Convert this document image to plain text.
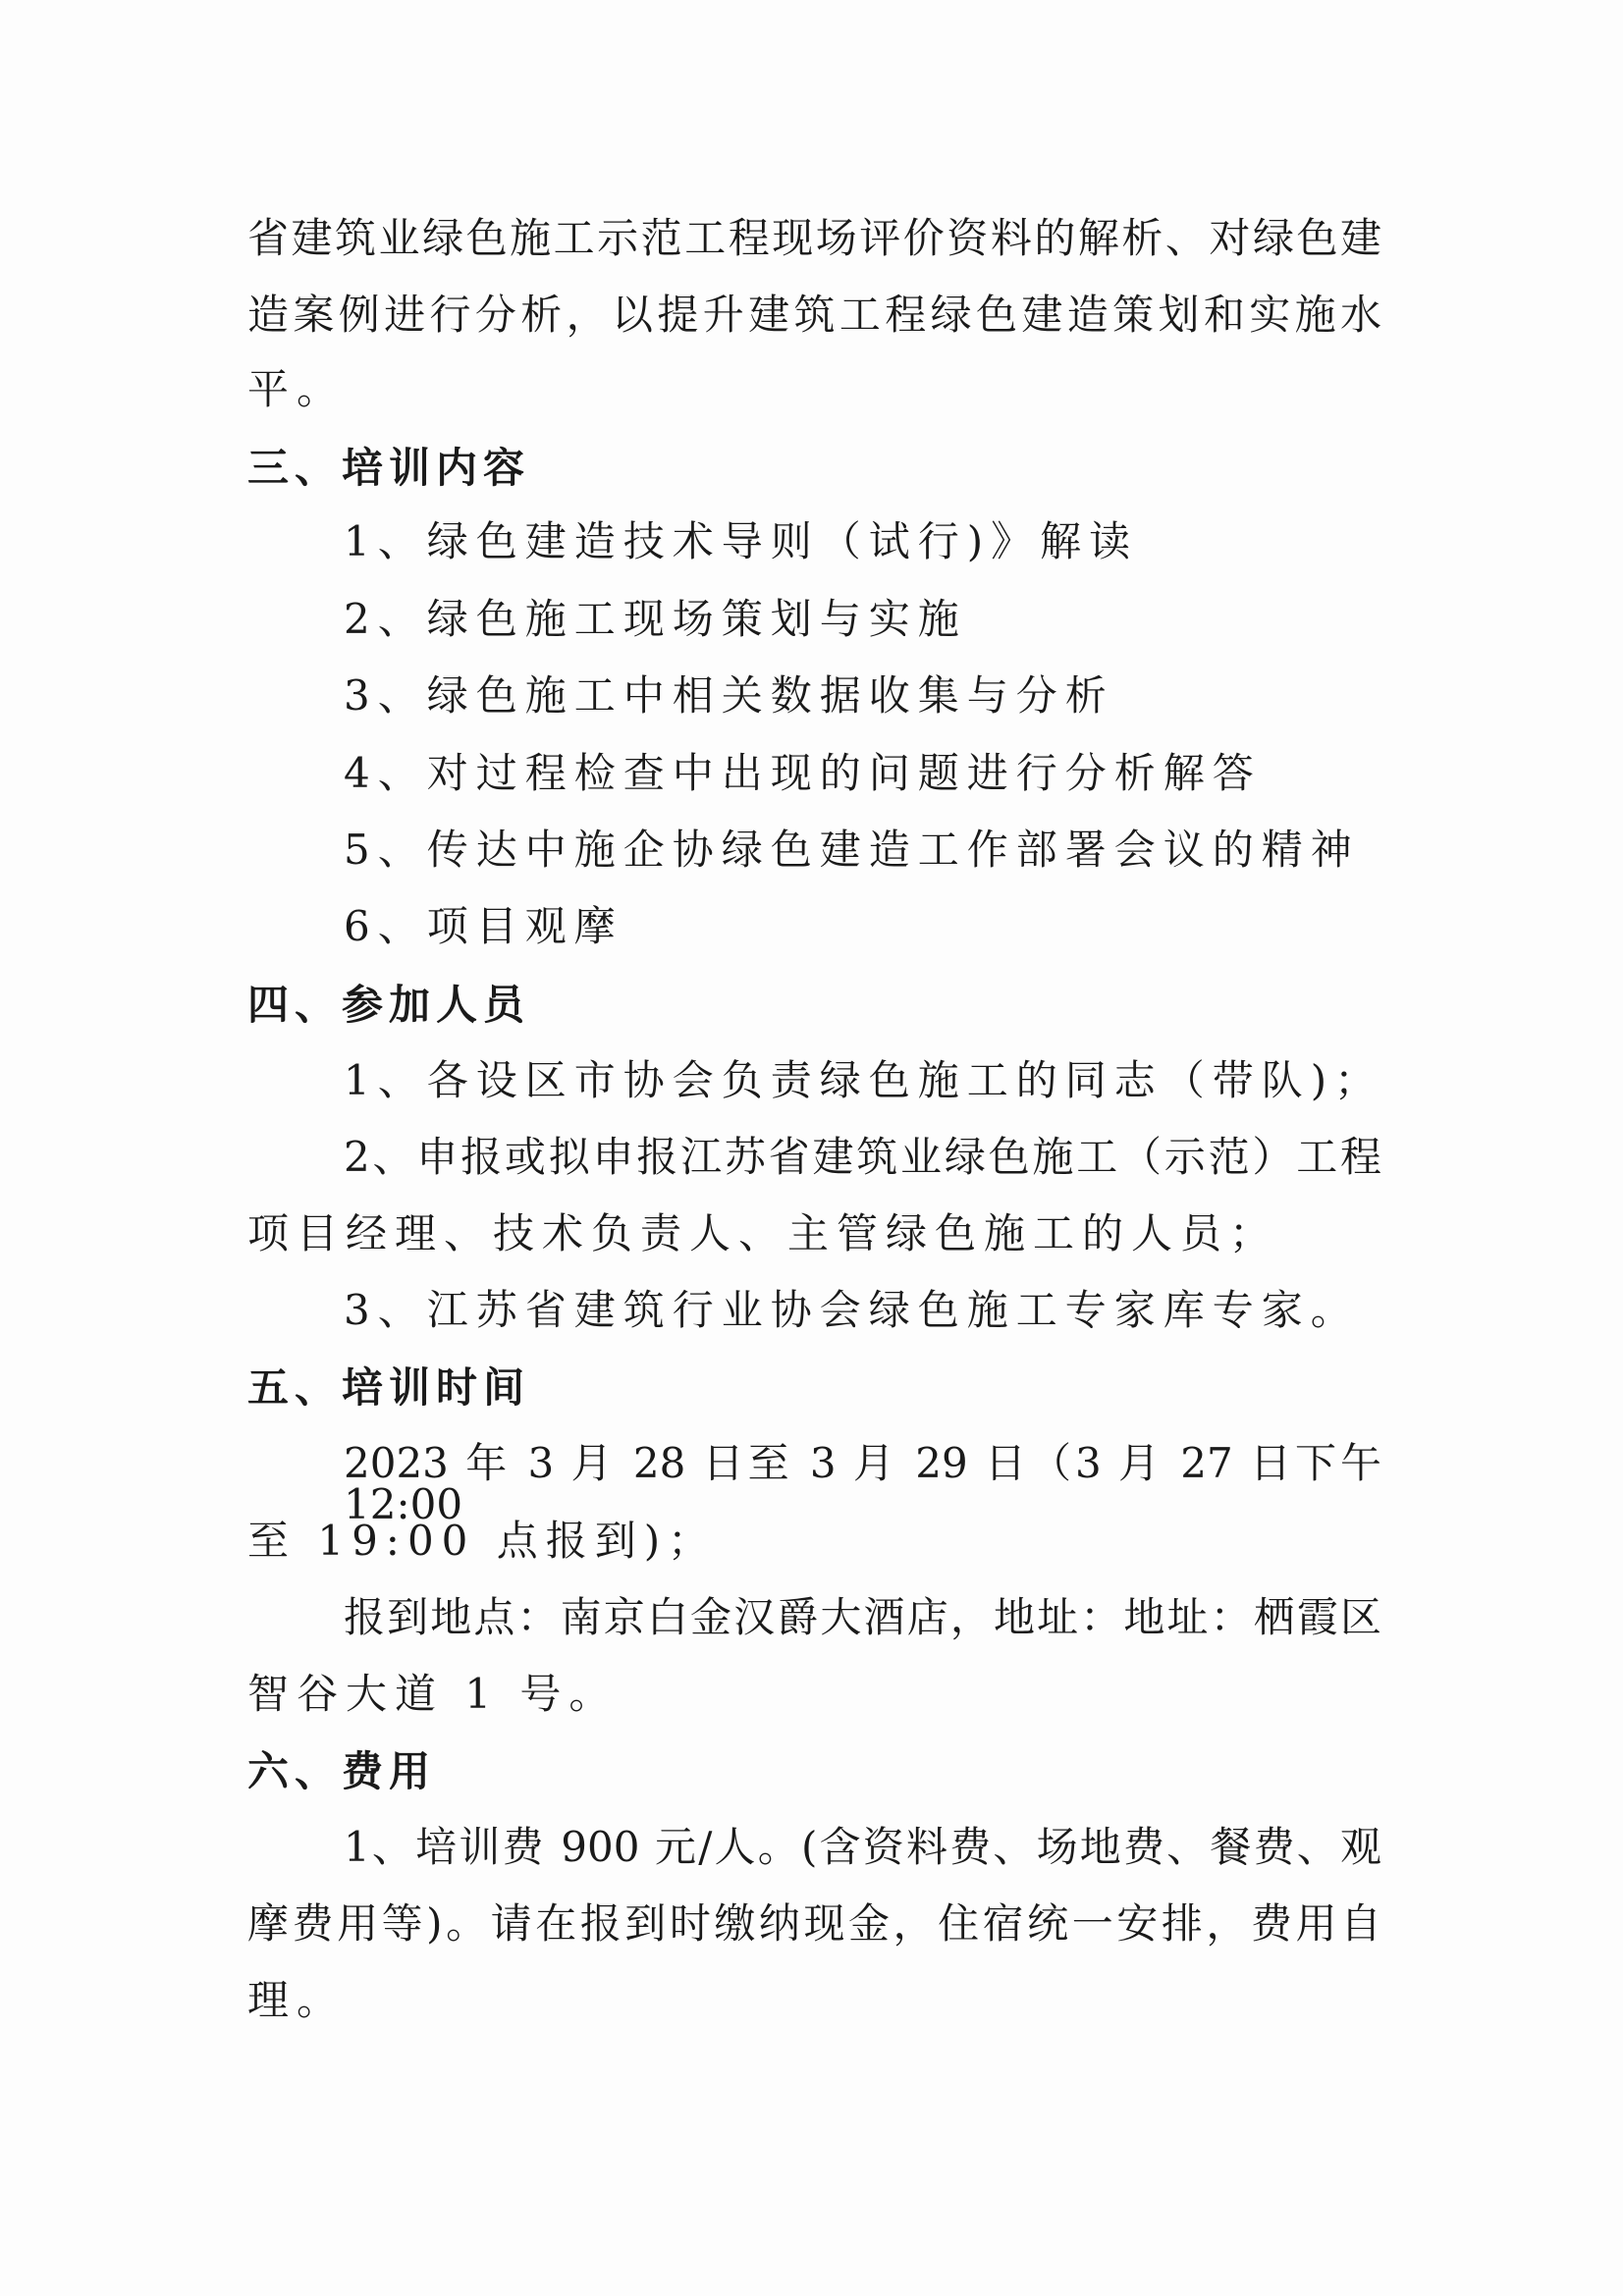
省建筑业绿色施工示范工程现场评价资料的解析、对绿色建
造案例进行分析，以提升建筑工程绿色建造策划和实施水
平。
三、培训内容
1、绿色建造技术导则（试行)》解读
2、绿色施工现场策划与实施
3、绿色施工中相关数据收集与分析
4、对过程检查中出现的问题进行分析解答
5、传达中施企协绿色建造工作部署会议的精神
6、项目观摩
四、参加人员
1、各设区市协会负责绿色施工的同志（带队)；
2、申报或拟申报江苏省建筑业绿色施工（示范）工程
项目经理、技术负责人、主管绿色施工的人员；
3、江苏省建筑行业协会绿色施工专家库专家。
五、培训时间
2023 年 3 月 28 日至 3 月 29 日（3 月 27 日下午 12:00
至 19:00 点报到)；
报到地点：南京白金汉爵大酒店，地址：地址：栖霞区
智谷大道 1 号。
六、费用
1、培训费 900 元/人。(含资料费、场地费、餐费、观
摩费用等)。请在报到时缴纳现金，住宿统一安排，费用自
理。
